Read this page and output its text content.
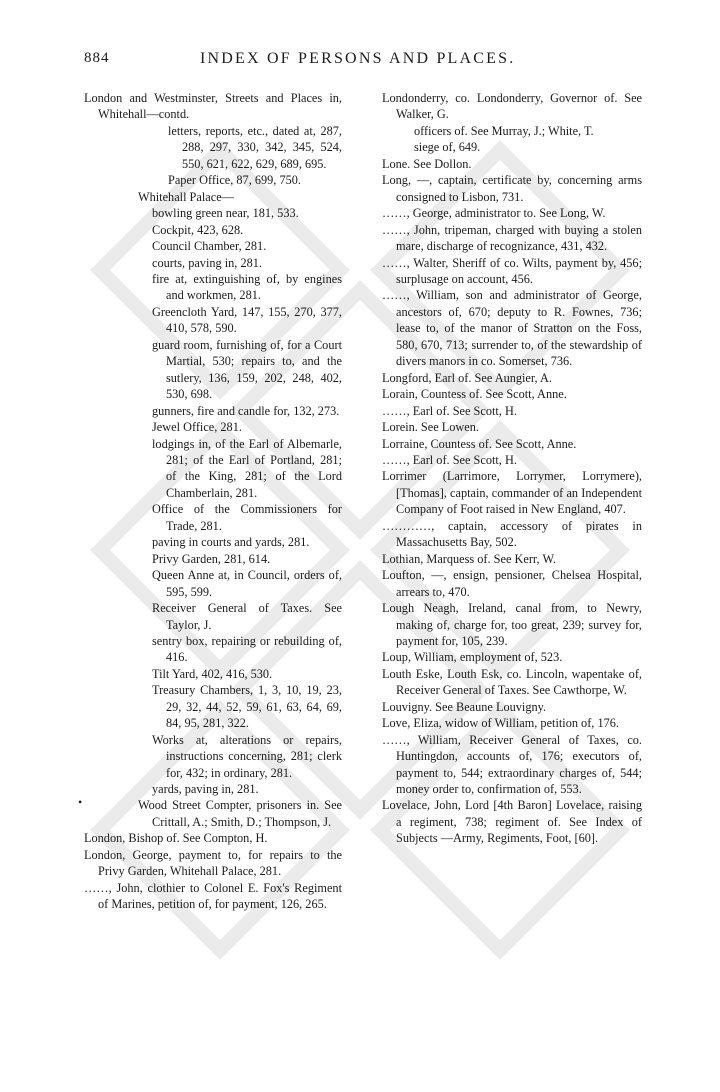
884	INDEX OF PERSONS AND PLACES.

London and Westminster, Streets and Places in, Whitehall—contd.

letters, reports, etc., dated at, 287, 288, 297, 330, 342, 345, 524, 550, 621, 622, 629, 689, 695.

Paper Office, 87, 699, 750.

Whitehall Palace—

bowling green near, 181, 533.

Cockpit, 423, 628.

Council Chamber, 281.

courts, paving in, 281.

fire at, extinguishing of, by engines and workmen, 281.

Greencloth Yard, 147, 155, 270, 377, 410, 578, 590.

guard room, furnishing of, for a Court Martial, 530; repairs to, and the sutlery, 136, 159, 202, 248, 402, 530, 698.

gunners, fire and candle for, 132, 273.

Jewel Office, 281.

lodgings in, of the Earl of Albemarle, 281; of the Earl of Portland, 281; of the King, 281; of the Lord Chamberlain, 281.

Office of the Commissioners for Trade, 281.

paving in courts and yards, 281.

Privy Garden, 281, 614.

Queen Anne at, in Council, orders of, 595, 599.

Receiver General of Taxes. See Taylor, J.

sentry box, repairing or rebuilding of, 416.

Tilt Yard, 402, 416, 530.

Treasury Chambers, 1, 3, 10, 19, 23, 29, 32, 44, 52, 59, 61, 63, 64, 69, 84, 95, 281, 322.

Works at, alterations or repairs, instructions concerning, 281; clerk for, 432; in ordinary, 281.

yards, paving in, 281.

Wood Street Compter, prisoners in. See Crittall, A.; Smith, D.; Thompson, J.

London, Bishop of. See Compton, H.

London, George, payment to, for repairs to the Privy Garden, Whitehall Palace, 281.

……, John, clothier to Colonel E. Fox's Regiment of Marines, petition of, for payment, 126, 265.

Londonderry, co. Londonderry, Governor of. See Walker, G.

officers of. See Murray, J.; White, T.

siege of, 649.

Lone. See Dollon.

Long, —, captain, certificate by, concerning arms consigned to Lisbon, 731.

……, George, administrator to. See Long, W.

……, John, tripeman, charged with buying a stolen mare, discharge of recognizance, 431, 432.

……, Walter, Sheriff of co. Wilts, payment by, 456; surplusage on account, 456.

……, William, son and administrator of George, ancestors of, 670; deputy to R. Fownes, 736; lease to, of the manor of Stratton on the Foss, 580, 670, 713; surrender to, of the stewardship of divers manors in co. Somerset, 736.

Longford, Earl of. See Aungier, A.

Lorain, Countess of. See Scott, Anne.

……, Earl of. See Scott, H.

Lorein. See Lowen.

Lorraine, Countess of. See Scott, Anne.

……, Earl of. See Scott, H.

Lorrimer (Larrimore, Lorrymer, Lorrymere), [Thomas], captain, commander of an Independent Company of Foot raised in New England, 407.

…………, captain, accessory of pirates in Massachusetts Bay, 502.

Lothian, Marquess of. See Kerr, W.

Loufton, —, ensign, pensioner, Chelsea Hospital, arrears to, 470.

Lough Neagh, Ireland, canal from, to Newry, making of, charge for, too great, 239; survey for, payment for, 105, 239.

Loup, William, employment of, 523.

Louth Eske, Louth Esk, co. Lincoln, wapentake of, Receiver General of Taxes. See Cawthorpe, W.

Louvigny. See Beaune Louvigny.

Love, Eliza, widow of William, petition of, 176.

……, William, Receiver General of Taxes, co. Huntingdon, accounts of, 176; executors of, payment to, 544; extraordinary charges of, 544; money order to, confirmation of, 553.

Lovelace, John, Lord [4th Baron] Lovelace, raising a regiment, 738; regiment of. See Index of Subjects —Army, Regiments, Foot, [60].

•
